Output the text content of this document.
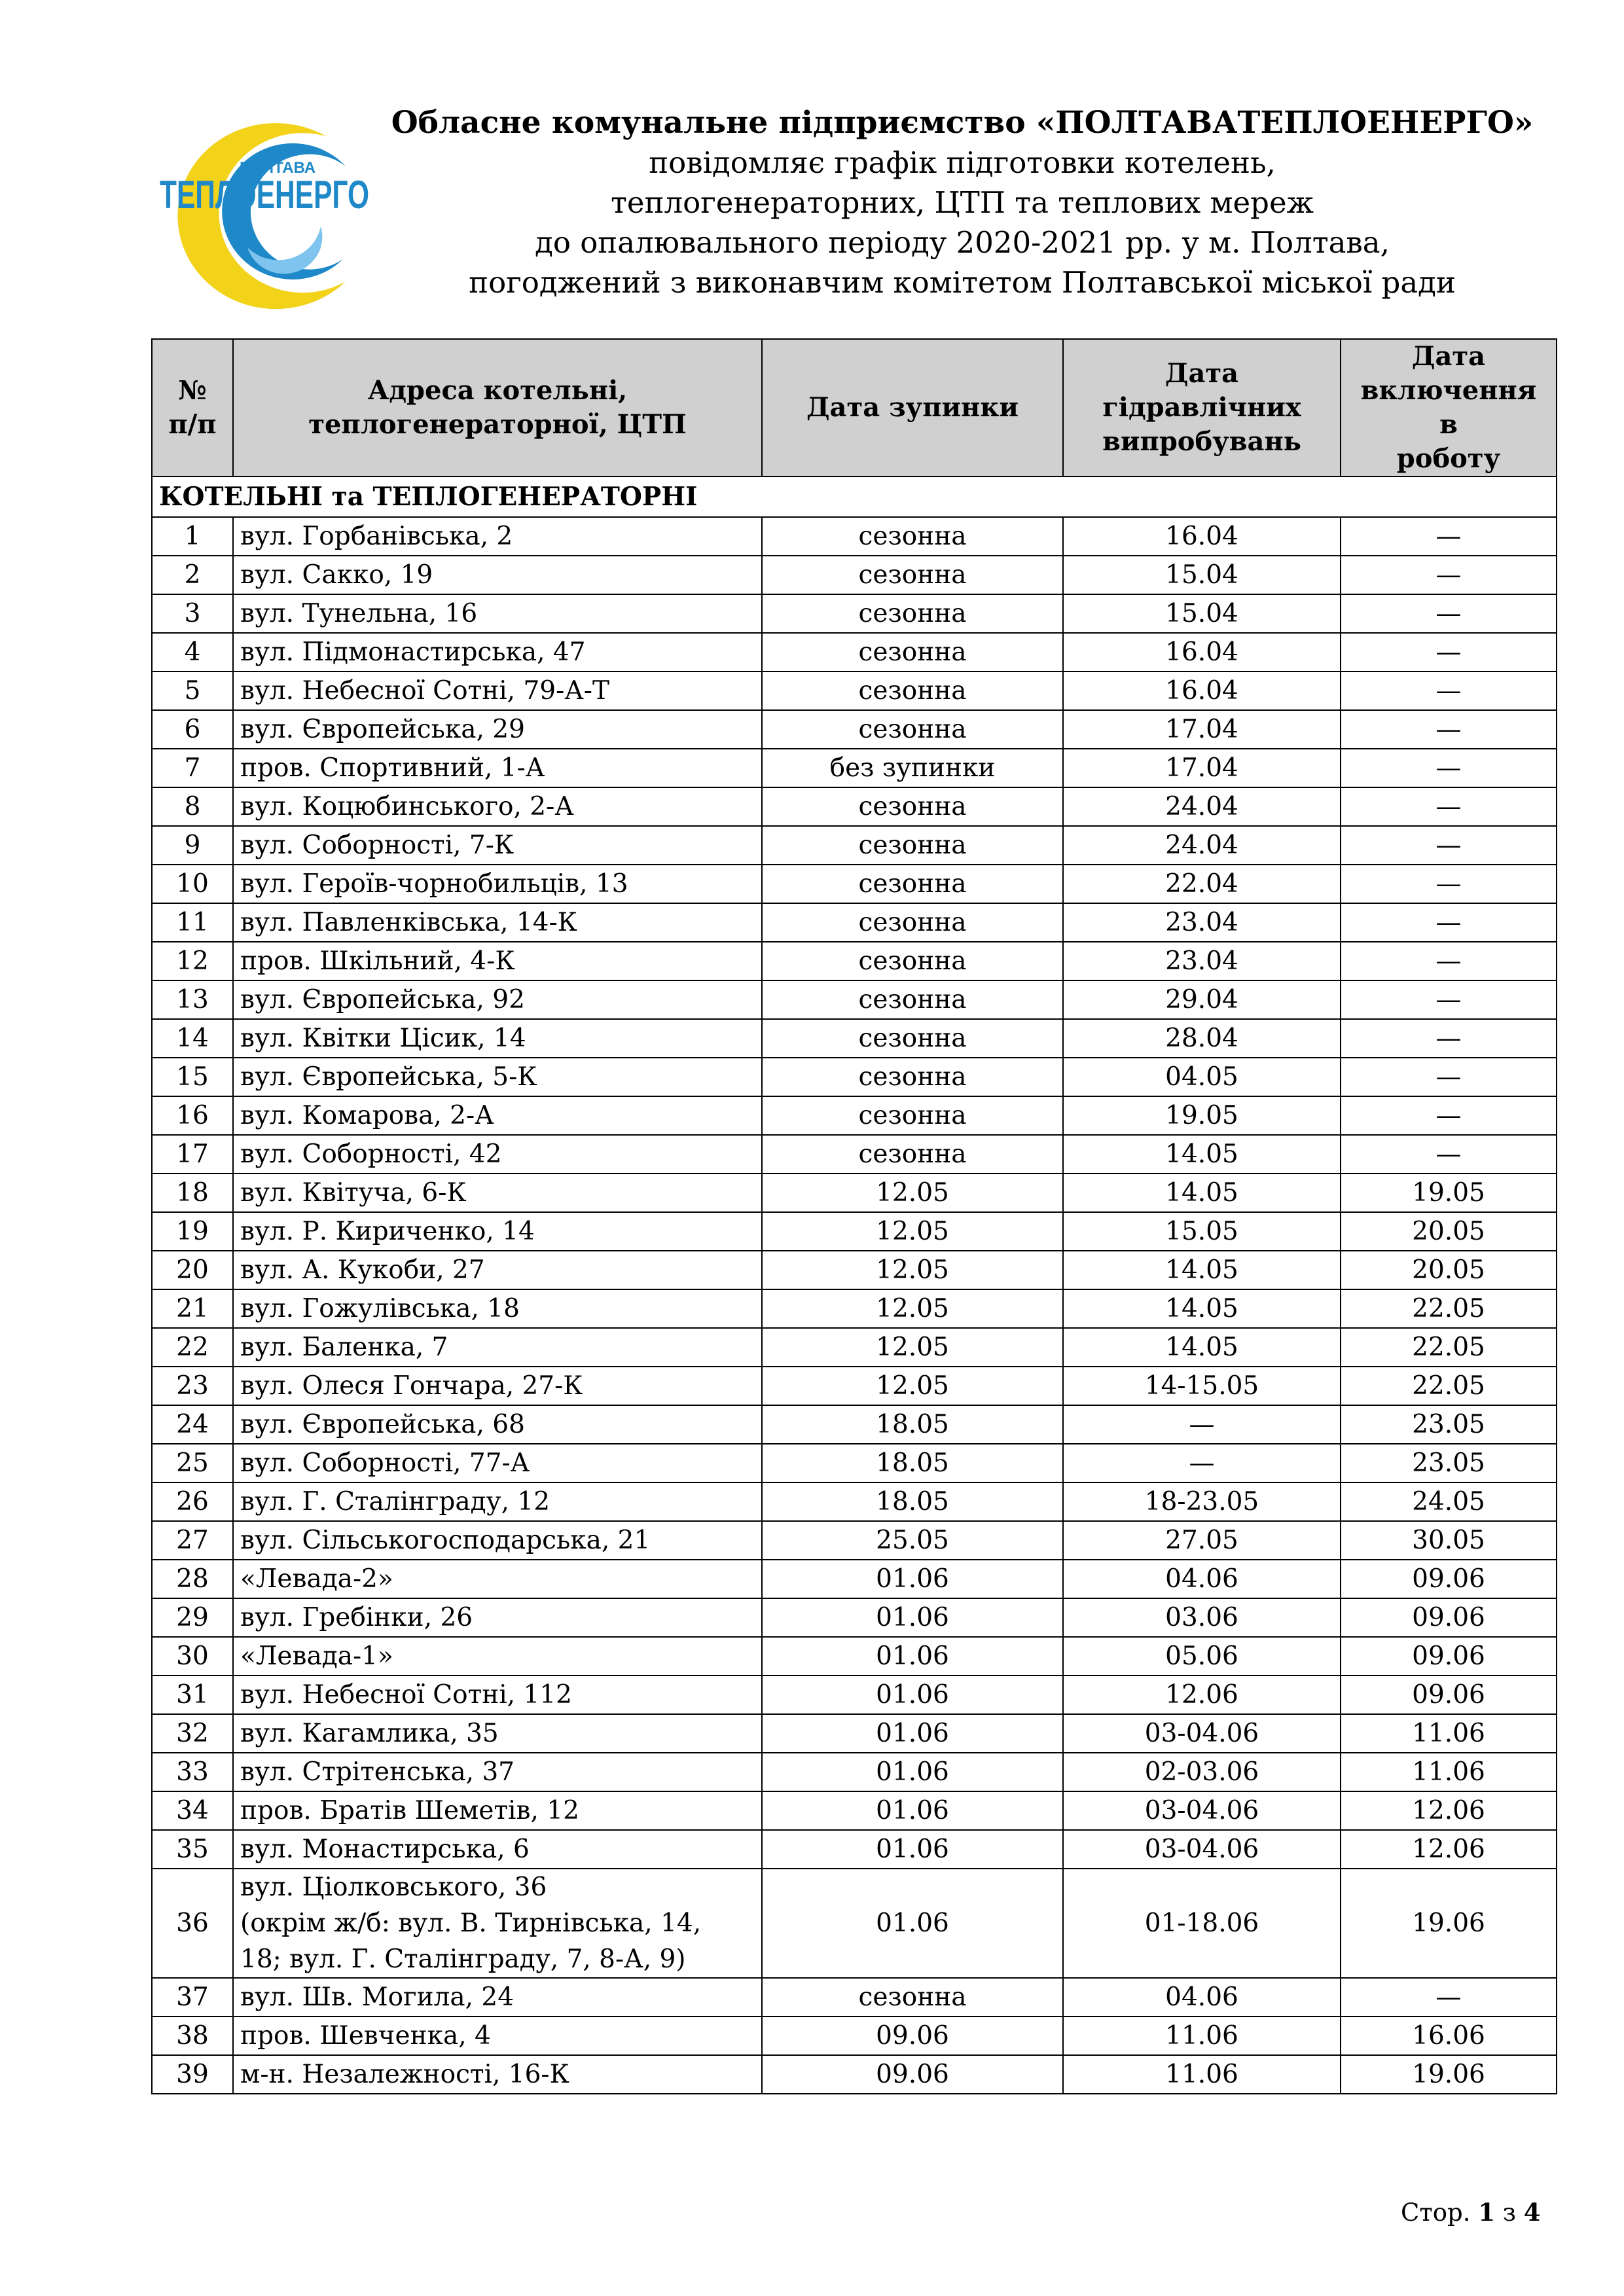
ПОЛТАВА
ТЕПЛОЕНЕРГО

Обласне комунальне підприємство «ПОЛТАВАТЕПЛОЕНЕРГО»

повідомляє графік підготовки котелень,

теплогенераторних, ЦТП та теплових мереж

до опалювального періоду 2020-2021 рр. у м. Полтава,

погоджений з виконавчим комітетом Полтавської міської ради

№
п/п	Адреса котельні,
теплогенераторної, ЦТП	Дата зупинки	Дата
гідравлічних
випробувань	Дата
включення в
роботу
КОТЕЛЬНІ та ТЕПЛОГЕНЕРАТОРНІ				
1	вул. Горбанівська, 2	сезонна	16.04	—
2	вул. Сакко, 19	сезонна	15.04	—
3	вул. Тунельна, 16	сезонна	15.04	—
4	вул. Підмонастирська, 47	сезонна	16.04	—
5	вул. Небесної Сотні, 79-А-Т	сезонна	16.04	—
6	вул. Європейська, 29	сезонна	17.04	—
7	пров. Спортивний, 1-А	без зупинки	17.04	—
8	вул. Коцюбинського, 2-А	сезонна	24.04	—
9	вул. Соборності, 7-К	сезонна	24.04	—
10	вул. Героїв-чорнобильців, 13	сезонна	22.04	—
11	вул. Павленківська, 14-К	сезонна	23.04	—
12	пров. Шкільний, 4-К	сезонна	23.04	—
13	вул. Європейська, 92	сезонна	29.04	—
14	вул. Квітки Цісик, 14	сезонна	28.04	—
15	вул. Європейська, 5-К	сезонна	04.05	—
16	вул. Комарова, 2-А	сезонна	19.05	—
17	вул. Соборності, 42	сезонна	14.05	—
18	вул. Квітуча, 6-К	12.05	14.05	19.05
19	вул. Р. Кириченко, 14	12.05	15.05	20.05
20	вул. А. Кукоби, 27	12.05	14.05	20.05
21	вул. Гожулівська, 18	12.05	14.05	22.05
22	вул. Баленка, 7	12.05	14.05	22.05
23	вул. Олеся Гончара, 27-К	12.05	14-15.05	22.05
24	вул. Європейська, 68	18.05	—	23.05
25	вул. Соборності, 77-А	18.05	—	23.05
26	вул. Г. Сталінграду, 12	18.05	18-23.05	24.05
27	вул. Сільськогосподарська, 21	25.05	27.05	30.05
28	«Левада-2»	01.06	04.06	09.06
29	вул. Гребінки, 26	01.06	03.06	09.06
30	«Левада-1»	01.06	05.06	09.06
31	вул. Небесної Сотні, 112	01.06	12.06	09.06
32	вул. Кагамлика, 35	01.06	03-04.06	11.06
33	вул. Стрітенська, 37	01.06	02-03.06	11.06
34	пров. Братів Шеметів, 12	01.06	03-04.06	12.06
35	вул. Монастирська, 6	01.06	03-04.06	12.06
36	вул. Ціолковського, 36
(окрім ж/б: вул. В. Тирнівська, 14,
18; вул. Г. Сталінграду, 7, 8-А, 9)	01.06	01-18.06	19.06
37	вул. Шв. Могила, 24	сезонна	04.06	—
38	пров. Шевченка, 4	09.06	11.06	16.06
39	м-н. Незалежності, 16-К	09.06	11.06	19.06
Стор. 1 з 4
